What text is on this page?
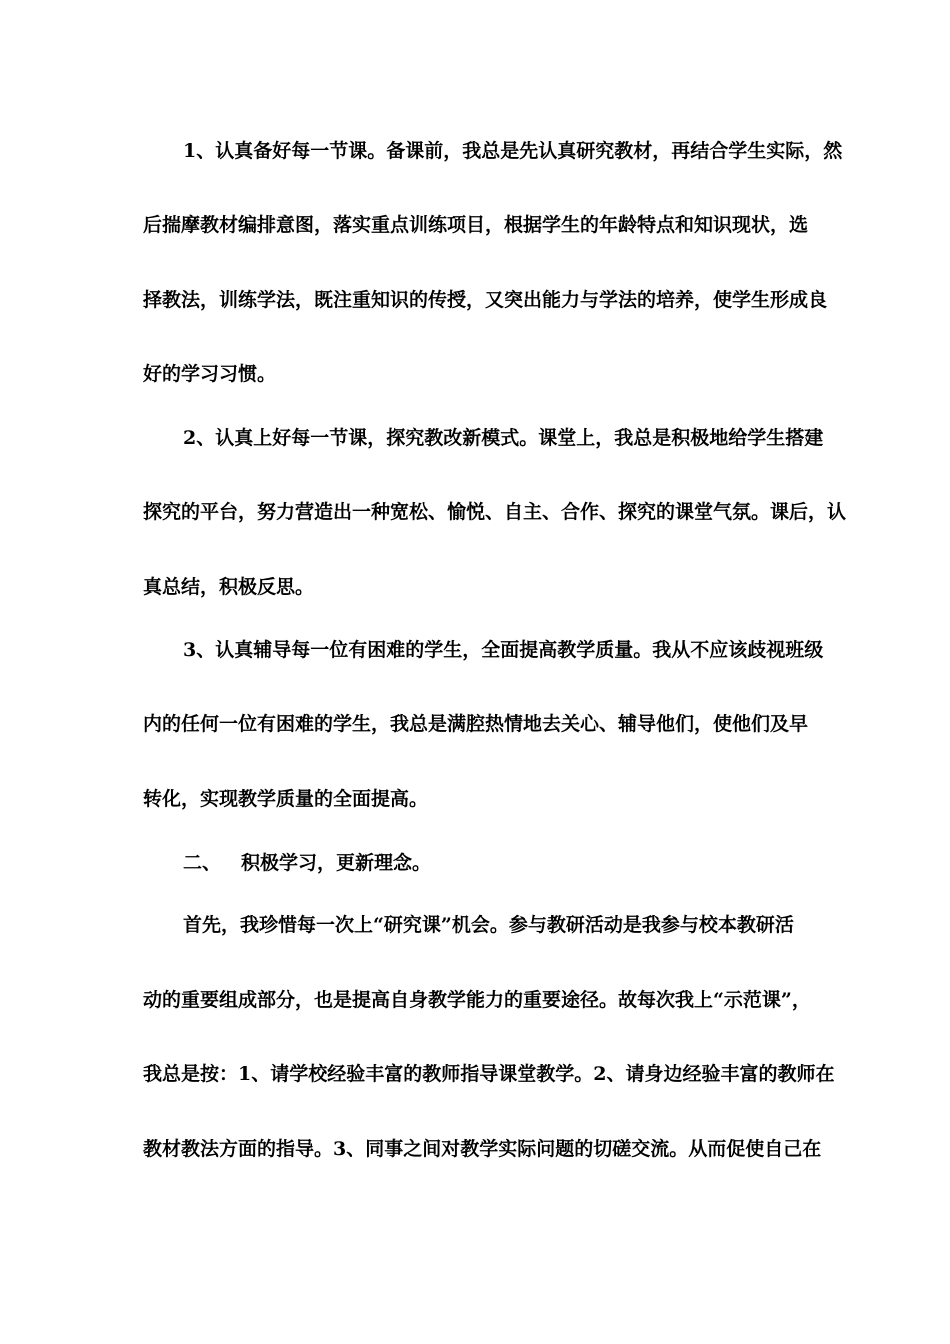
1、认真备好每一节课。备课前，我总是先认真研究教材，再结合学生实际，然
后揣摩教材编排意图，落实重点训练项目，根据学生的年龄特点和知识现状，选
择教法，训练学法，既注重知识的传授，又突出能力与学法的培养，使学生形成良
好的学习习惯。
2、认真上好每一节课，探究教改新模式。课堂上，我总是积极地给学生搭建
探究的平台，努力营造出一种宽松、愉悦、自主、合作、探究的课堂气氛。课后，认
真总结，积极反思。
3、认真辅导每一位有困难的学生，全面提高教学质量。我从不应该歧视班级
内的任何一位有困难的学生，我总是满腔热情地去关心、辅导他们，使他们及早
转化，实现教学质量的全面提高。
二、 积极学习，更新理念。
首先，我珍惜每一次上“研究课”机会。参与教研活动是我参与校本教研活
动的重要组成部分，也是提高自身教学能力的重要途径。故每次我上“示范课”，
我总是按：1、请学校经验丰富的教师指导课堂教学。2、请身边经验丰富的教师在
教材教法方面的指导。3、同事之间对教学实际问题的切磋交流。从而促使自己在
